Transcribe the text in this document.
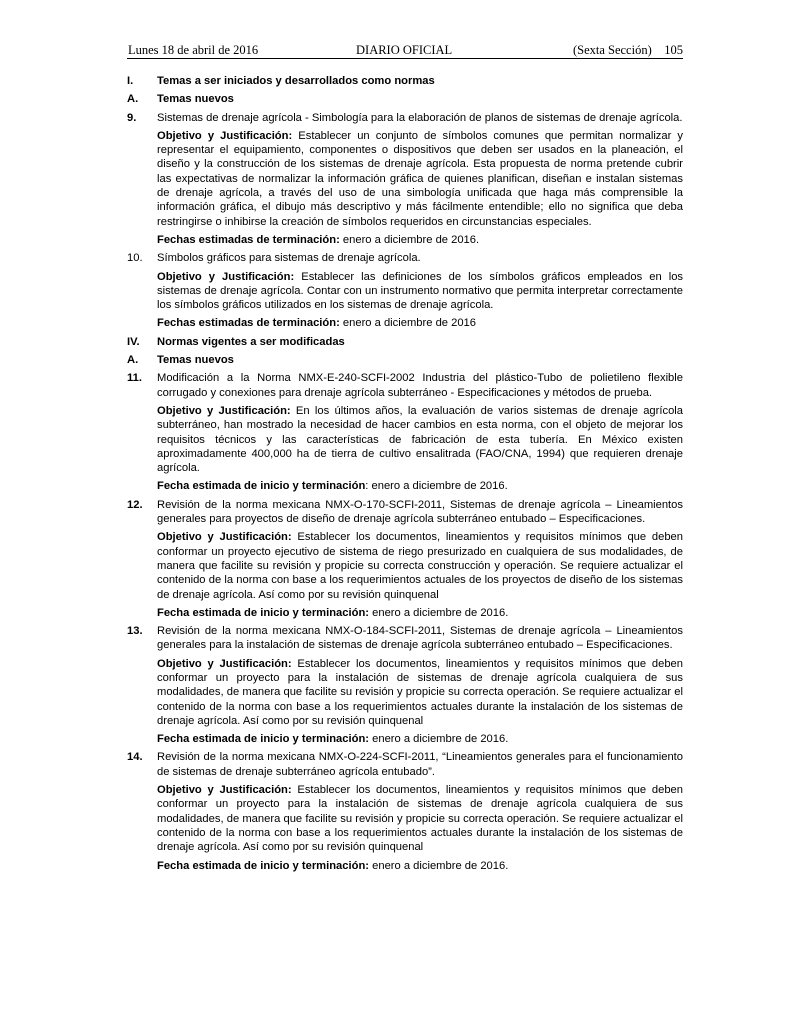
Lunes 18 de abril de 2016	DIARIO OFICIAL	(Sexta Sección) 105
I.	Temas a ser iniciados y desarrollados como normas
A.	Temas nuevos
9.	Sistemas de drenaje agrícola - Simbología para la elaboración de planos de sistemas de drenaje agrícola.
Objetivo y Justificación: Establecer un conjunto de símbolos comunes que permitan normalizar y representar el equipamiento, componentes o dispositivos que deben ser usados en la planeación, el diseño y la construcción de los sistemas de drenaje agrícola. Esta propuesta de norma pretende cubrir las expectativas de normalizar la información gráfica de quienes planifican, diseñan e instalan sistemas de drenaje agrícola, a través del uso de una simbología unificada que haga más comprensible la información gráfica, el dibujo más descriptivo y más fácilmente entendible; ello no significa que deba restringirse o inhibirse la creación de símbolos requeridos en circunstancias especiales.
Fechas estimadas de terminación: enero a diciembre de 2016.
10.	Símbolos gráficos para sistemas de drenaje agrícola.
Objetivo y Justificación: Establecer las definiciones de los símbolos gráficos empleados en los sistemas de drenaje agrícola. Contar con un instrumento normativo que permita interpretar correctamente los símbolos gráficos utilizados en los sistemas de drenaje agrícola.
Fechas estimadas de terminación: enero a diciembre de 2016
IV.	Normas vigentes a ser modificadas
A.	Temas nuevos
11.	Modificación a la Norma NMX-E-240-SCFI-2002 Industria del plástico-Tubo de polietileno flexible corrugado y conexiones para drenaje agrícola subterráneo - Especificaciones y métodos de prueba.
Objetivo y Justificación: En los últimos años, la evaluación de varios sistemas de drenaje agrícola subterráneo, han mostrado la necesidad de hacer cambios en esta norma, con el objeto de mejorar los requisitos técnicos y las características de fabricación de esta tubería. En México existen aproximadamente 400,000 ha de tierra de cultivo ensalitrada (FAO/CNA, 1994) que requieren drenaje agrícola.
Fecha estimada de inicio y terminación: enero a diciembre de 2016.
12.	Revisión de la norma mexicana NMX-O-170-SCFI-2011, Sistemas de drenaje agrícola – Lineamientos generales para proyectos de diseño de drenaje agrícola subterráneo entubado – Especificaciones.
Objetivo y Justificación: Establecer los documentos, lineamientos y requisitos mínimos que deben conformar un proyecto ejecutivo de sistema de riego presurizado en cualquiera de sus modalidades, de manera que facilite su revisión y propicie su correcta construcción y operación. Se requiere actualizar el contenido de la norma con base a los requerimientos actuales de los proyectos de diseño de los sistemas de drenaje agrícola. Así como por su revisión quinquenal
Fecha estimada de inicio y terminación: enero a diciembre de 2016.
13.	Revisión de la norma mexicana NMX-O-184-SCFI-2011, Sistemas de drenaje agrícola – Lineamientos generales para la instalación de sistemas de drenaje agrícola subterráneo entubado – Especificaciones.
Objetivo y Justificación: Establecer los documentos, lineamientos y requisitos mínimos que deben conformar un proyecto para la instalación de sistemas de drenaje agrícola cualquiera de sus modalidades, de manera que facilite su revisión y propicie su correcta operación. Se requiere actualizar el contenido de la norma con base a los requerimientos actuales durante la instalación de los sistemas de drenaje agrícola. Así como por su revisión quinquenal
Fecha estimada de inicio y terminación: enero a diciembre de 2016.
14.	Revisión de la norma mexicana NMX-O-224-SCFI-2011, “Lineamientos generales para el funcionamiento de sistemas de drenaje subterráneo agrícola entubado”.
Objetivo y Justificación: Establecer los documentos, lineamientos y requisitos mínimos que deben conformar un proyecto para la instalación de sistemas de drenaje agrícola cualquiera de sus modalidades, de manera que facilite su revisión y propicie su correcta operación. Se requiere actualizar el contenido de la norma con base a los requerimientos actuales durante la instalación de los sistemas de drenaje agrícola. Así como por su revisión quinquenal
Fecha estimada de inicio y terminación: enero a diciembre de 2016.
